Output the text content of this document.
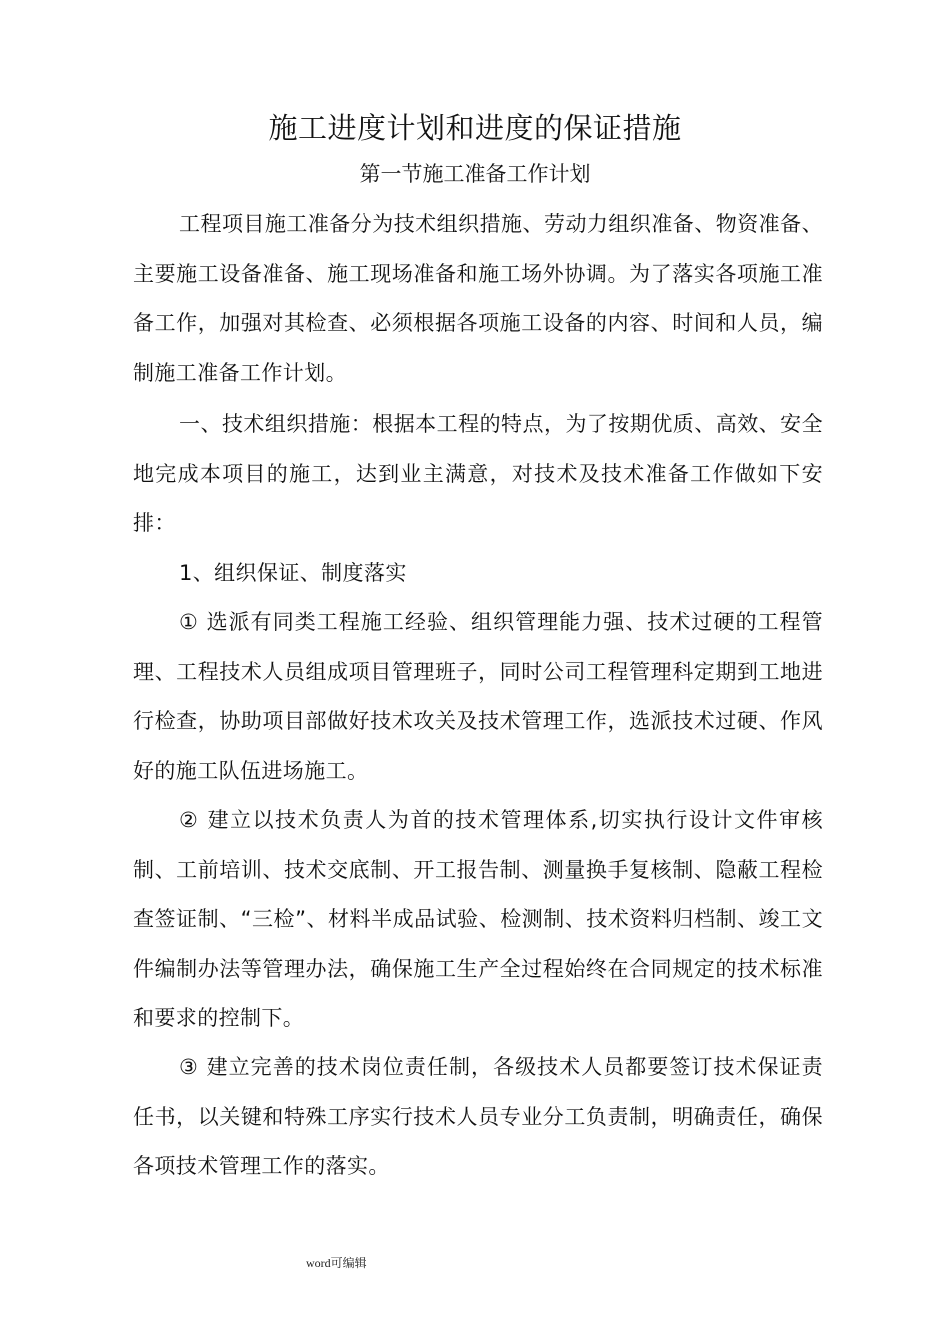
施工进度计划和进度的保证措施
第一节施工准备工作计划

工程项目施工准备分为技术组织措施、劳动力组织准备、物资准备、主要施工设备准备、施工现场准备和施工场外协调。为了落实各项施工准备工作，加强对其检查、必须根据各项施工设备的内容、时间和人员，编制施工准备工作计划。

一、技术组织措施：根据本工程的特点，为了按期优质、高效、安全地完成本项目的施工，达到业主满意，对技术及技术准备工作做如下安排：

1、组织保证、制度落实

① 选派有同类工程施工经验、组织管理能力强、技术过硬的工程管理、工程技术人员组成项目管理班子，同时公司工程管理科定期到工地进行检查，协助项目部做好技术攻关及技术管理工作，选派技术过硬、作风好的施工队伍进场施工。

② 建立以技术负责人为首的技术管理体系,切实执行设计文件审核制、工前培训、技术交底制、开工报告制、测量换手复核制、隐蔽工程检查签证制、“三检”、材料半成品试验、检测制、技术资料归档制、竣工文件编制办法等管理办法，确保施工生产全过程始终在合同规定的技术标准和要求的控制下。

③ 建立完善的技术岗位责任制，各级技术人员都要签订技术保证责任书，以关键和特殊工序实行技术人员专业分工负责制，明确责任，确保各项技术管理工作的落实。

word可编辑
